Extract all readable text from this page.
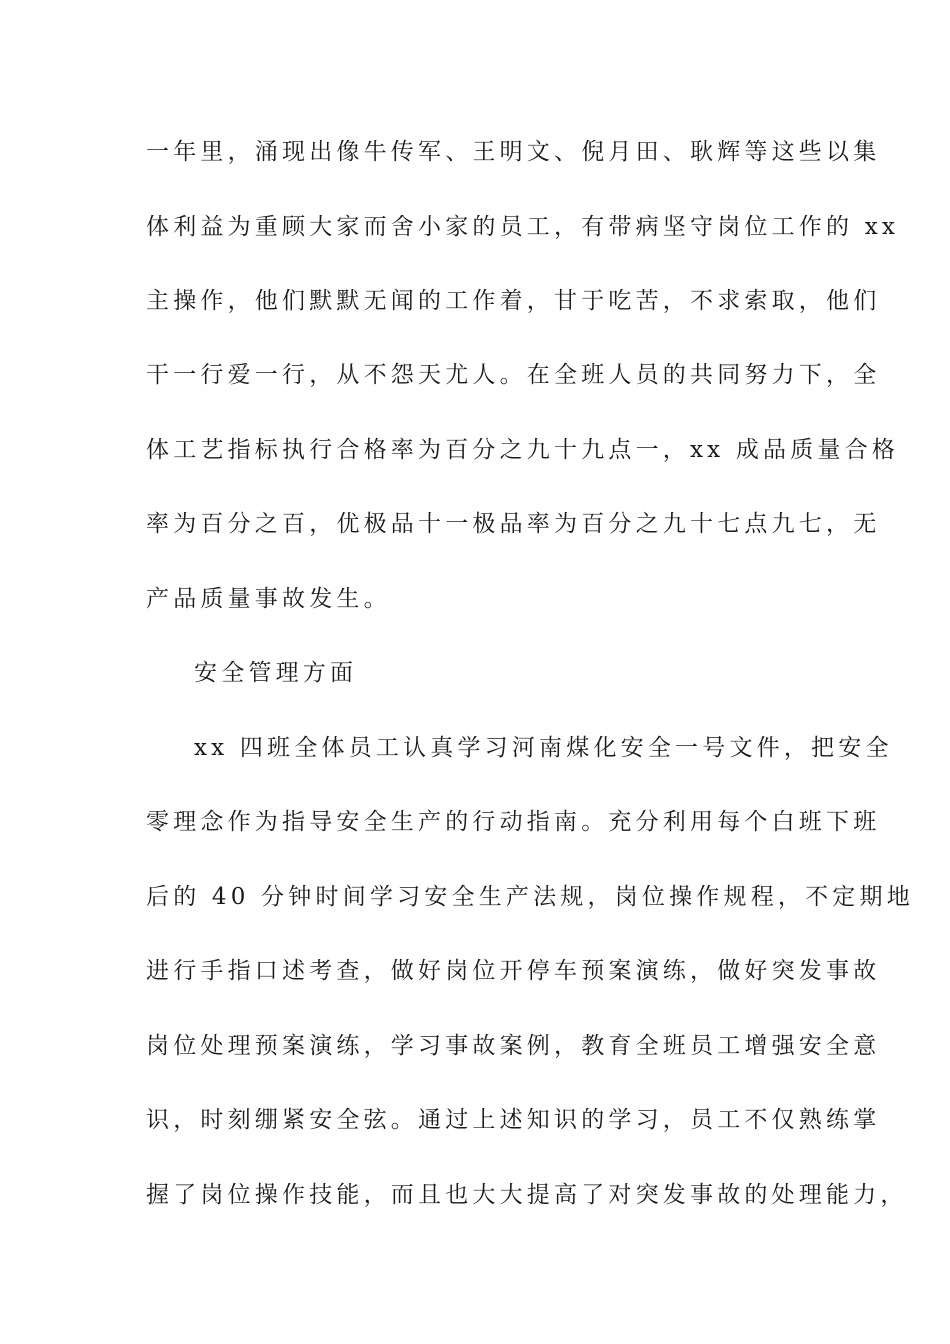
一年里，涌现出像牛传军、王明文、倪月田、耿辉等这些以集
体利益为重顾大家而舍小家的员工，有带病坚守岗位工作的 xx
主操作，他们默默无闻的工作着，甘于吃苦，不求索取，他们
干一行爱一行，从不怨天尤人。在全班人员的共同努力下，全
体工艺指标执行合格率为百分之九十九点一，xx 成品质量合格
率为百分之百，优极品十一极品率为百分之九十七点九七，无
产品质量事故发生。
安全管理方面
xx 四班全体员工认真学习河南煤化安全一号文件，把安全
零理念作为指导安全生产的行动指南。充分利用每个白班下班
后的 40 分钟时间学习安全生产法规，岗位操作规程，不定期地
进行手指口述考查，做好岗位开停车预案演练，做好突发事故
岗位处理预案演练，学习事故案例，教育全班员工增强安全意
识，时刻绷紧安全弦。通过上述知识的学习，员工不仅熟练掌
握了岗位操作技能，而且也大大提高了对突发事故的处理能力，
